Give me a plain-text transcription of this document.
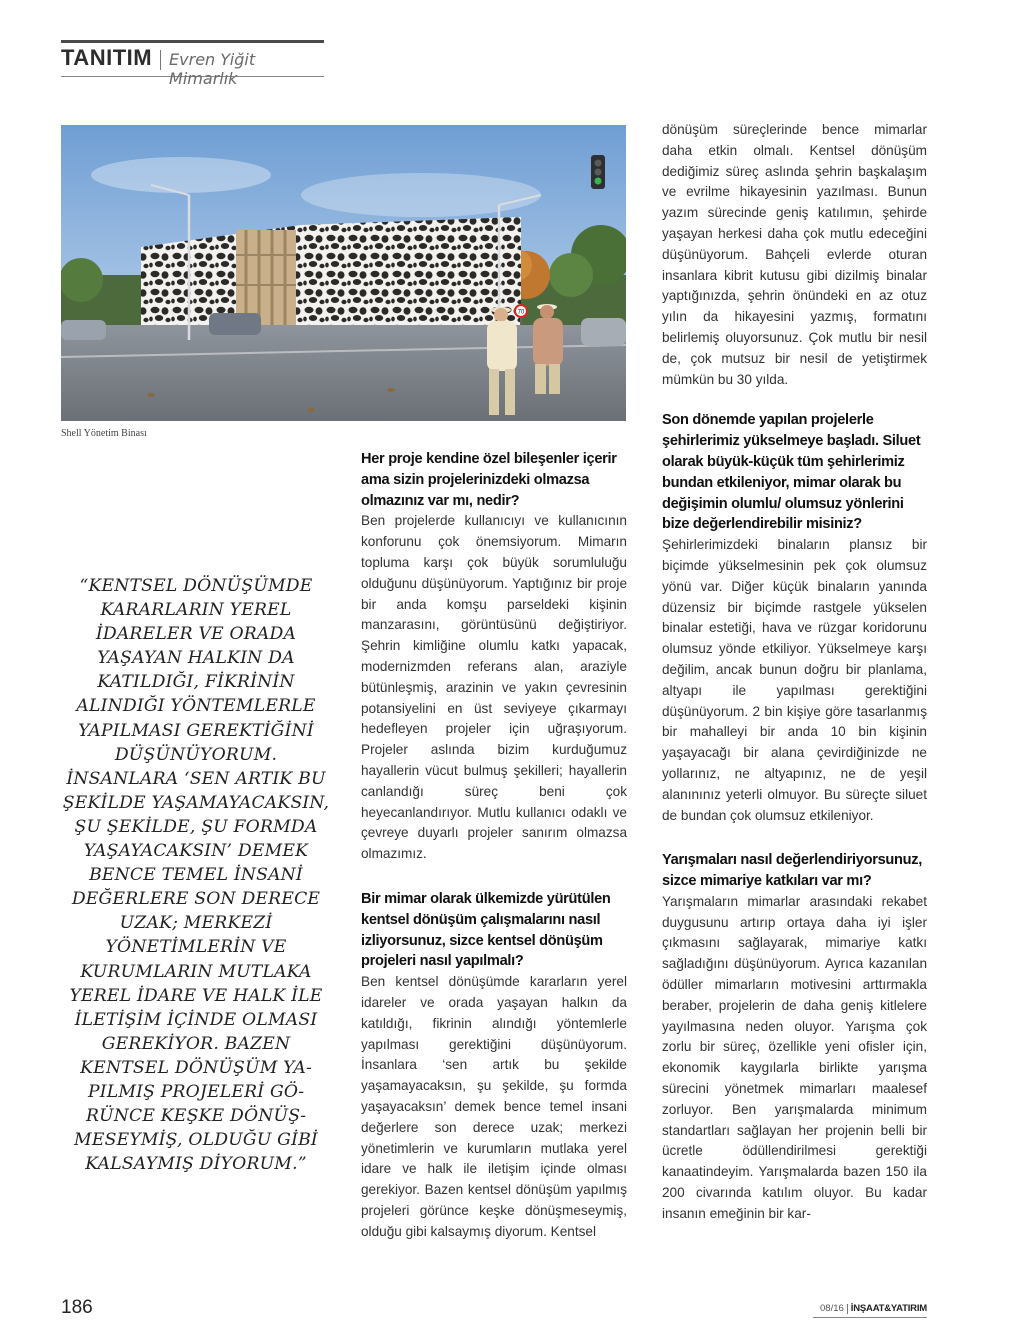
TANITIM Evren Yiğit Mimarlık
70
Shell Yönetim Binası
“KENTSEL DÖNÜŞÜMDE KARARLARIN YEREL İDARELER VE ORADA YAŞAYAN HALKIN DA KATILDIĞI, FİKRİNİN ALINDIĞI YÖNTEMLERLE YAPILMASI GEREKTİĞİNİ DÜŞÜNÜYORUM. İNSANLARA ‘SEN ARTIK BU ŞEKİLDE YAŞAMAYACAKSIN, ŞU ŞEKİLDE, ŞU FORMDA YAŞAYACAKSIN’ DEMEK BENCE TEMEL İNSANİ DEĞERLERE SON DERECE UZAK; MERKEZİ YÖNETİMLERİN VE KURUMLARIN MUTLAKA YEREL İDARE VE HALK İLE İLETİŞİM İÇİNDE OLMASI GEREKİYOR. BAZEN KENTSEL DÖNÜŞÜM YAPILMIŞ PROJELERİ GÖRÜNCE KEŞKE DÖNÜŞMESEYMİŞ, OLDUĞU GİBİ KALSAYMIŞ DİYORUM.”
Her proje kendine özel bileşenler içerir ama sizin projelerinizdeki olmazsa olmazınız var mı, nedir?

Ben projelerde kullanıcıyı ve kullanıcının konforunu çok önemsiyorum. Mimarın topluma karşı çok büyük sorumluluğu olduğunu düşünüyorum. Yaptığınız bir proje bir anda komşu parseldeki kişinin manzarasını, görüntüsünü değiştiriyor. Şehrin kimliğine olumlu katkı yapacak, modernizmden referans alan, araziyle bütünleşmiş, arazinin ve yakın çevresinin potansiyelini en üst seviyeye çıkarmayı hedefleyen projeler için uğraşıyorum. Projeler aslında bizim kurduğumuz hayallerin vücut bulmuş şekilleri; hayallerin canlandığı süreç beni çok heyecanlandırıyor. Mutlu kullanıcı odaklı ve çevreye duyarlı projeler sanırım olmazsa olmazımız.

Bir mimar olarak ülkemizde yürütülen kentsel dönüşüm çalışmalarını nasıl izliyorsunuz, sizce kentsel dönüşüm projeleri nasıl yapılmalı?

Ben kentsel dönüşümde kararların yerel idareler ve orada yaşayan halkın da katıldığı, fikrinin alındığı yöntemlerle yapılması gerektiğini düşünüyorum. İnsanlara ‘sen artık bu şekilde yaşamayacaksın, şu şekilde, şu formda yaşayacaksın’ demek bence temel insani değerlere son derece uzak; merkezi yönetimlerin ve kurumların mutlaka yerel idare ve halk ile iletişim içinde olması gerekiyor. Bazen kentsel dönüşüm yapılmış projeleri görünce keşke dönüşmeseymiş, olduğu gibi kalsaymış diyorum. Kentsel

dönüşüm süreçlerinde bence mimarlar daha etkin olmalı. Kentsel dönüşüm dediğimiz süreç aslında şehrin başkalaşım ve evrilme hikayesinin yazılması. Bunun yazım sürecinde geniş katılımın, şehirde yaşayan herkesi daha çok mutlu edeceğini düşünüyorum. Bahçeli evlerde oturan insanlara kibrit kutusu gibi dizilmiş binalar yaptığınızda, şehrin önündeki en az otuz yılın da hikayesini yazmış, formatını belirlemiş oluyorsunuz. Çok mutlu bir nesil de, çok mutsuz bir nesil de yetiştirmek mümkün bu 30 yılda.

Son dönemde yapılan projelerle şehirlerimiz yükselmeye başladı. Siluet olarak büyük-küçük tüm şehirlerimiz bundan etkileniyor, mimar olarak bu değişimin olumlu/ olumsuz yönlerini bize değerlendirebilir misiniz?

Şehirlerimizdeki binaların plansız bir biçimde yükselmesinin pek çok olumsuz yönü var. Diğer küçük binaların yanında düzensiz bir biçimde rastgele yükselen binalar estetiği, hava ve rüzgar koridorunu olumsuz yönde etkiliyor. Yükselmeye karşı değilim, ancak bunun doğru bir planlama, altyapı ile yapılması gerektiğini düşünüyorum. 2 bin kişiye göre tasarlanmış bir mahalleyi bir anda 10 bin kişinin yaşayacağı bir alana çevirdiğinizde ne yollarınız, ne altyapınız, ne de yeşil alanınınız yeterli olmuyor. Bu süreçte siluet de bundan çok olumsuz etkileniyor.

Yarışmaları nasıl değerlendiriyorsunuz, sizce mimariye katkıları var mı?

Yarışmaların mimarlar arasındaki rekabet duygusunu artırıp ortaya daha iyi işler çıkmasını sağlayarak, mimariye katkı sağladığını düşünüyorum. Ayrıca kazanılan ödüller mimarların motivesini arttırmakla beraber, projelerin de daha geniş kitlelere yayılmasına neden oluyor. Yarışma çok zorlu bir süreç, özellikle yeni ofisler için, ekonomik kaygılarla birlikte yarışma sürecini yönetmek mimarları maalesef zorluyor. Ben yarışmalarda minimum standartları sağlayan her projenin belli bir ücretle ödüllendirilmesi gerektiği kanaatindeyim. Yarışmalarda bazen 150 ila 200 civarında katılım oluyor. Bu kadar insanın emeğinin bir kar-

186	08/16 İNŞAAT&YATIRIM
